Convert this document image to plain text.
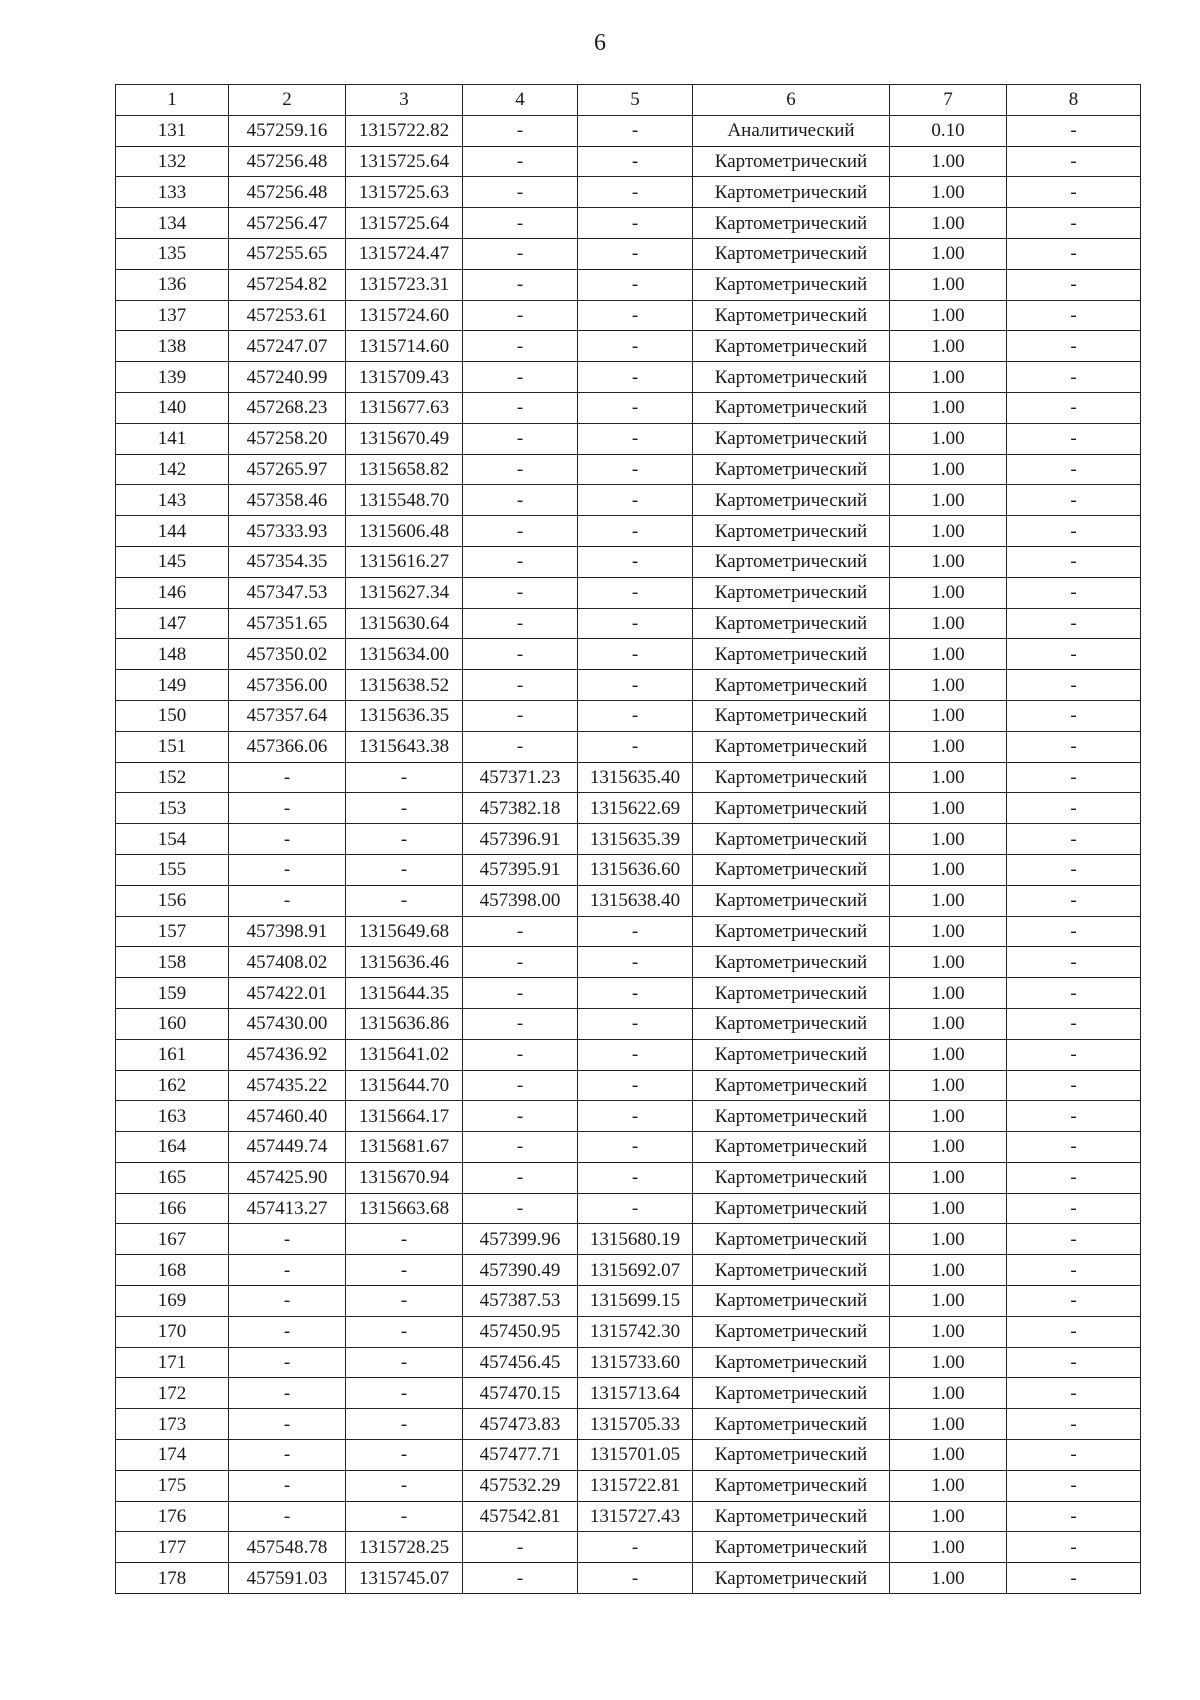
6
1	2	3	4	5	6	7	8
131	457259.16	1315722.82	-	-	Аналитический	0.10	-
132	457256.48	1315725.64	-	-	Картометрический	1.00	-
133	457256.48	1315725.63	-	-	Картометрический	1.00	-
134	457256.47	1315725.64	-	-	Картометрический	1.00	-
135	457255.65	1315724.47	-	-	Картометрический	1.00	-
136	457254.82	1315723.31	-	-	Картометрический	1.00	-
137	457253.61	1315724.60	-	-	Картометрический	1.00	-
138	457247.07	1315714.60	-	-	Картометрический	1.00	-
139	457240.99	1315709.43	-	-	Картометрический	1.00	-
140	457268.23	1315677.63	-	-	Картометрический	1.00	-
141	457258.20	1315670.49	-	-	Картометрический	1.00	-
142	457265.97	1315658.82	-	-	Картометрический	1.00	-
143	457358.46	1315548.70	-	-	Картометрический	1.00	-
144	457333.93	1315606.48	-	-	Картометрический	1.00	-
145	457354.35	1315616.27	-	-	Картометрический	1.00	-
146	457347.53	1315627.34	-	-	Картометрический	1.00	-
147	457351.65	1315630.64	-	-	Картометрический	1.00	-
148	457350.02	1315634.00	-	-	Картометрический	1.00	-
149	457356.00	1315638.52	-	-	Картометрический	1.00	-
150	457357.64	1315636.35	-	-	Картометрический	1.00	-
151	457366.06	1315643.38	-	-	Картометрический	1.00	-
152	-	-	457371.23	1315635.40	Картометрический	1.00	-
153	-	-	457382.18	1315622.69	Картометрический	1.00	-
154	-	-	457396.91	1315635.39	Картометрический	1.00	-
155	-	-	457395.91	1315636.60	Картометрический	1.00	-
156	-	-	457398.00	1315638.40	Картометрический	1.00	-
157	457398.91	1315649.68	-	-	Картометрический	1.00	-
158	457408.02	1315636.46	-	-	Картометрический	1.00	-
159	457422.01	1315644.35	-	-	Картометрический	1.00	-
160	457430.00	1315636.86	-	-	Картометрический	1.00	-
161	457436.92	1315641.02	-	-	Картометрический	1.00	-
162	457435.22	1315644.70	-	-	Картометрический	1.00	-
163	457460.40	1315664.17	-	-	Картометрический	1.00	-
164	457449.74	1315681.67	-	-	Картометрический	1.00	-
165	457425.90	1315670.94	-	-	Картометрический	1.00	-
166	457413.27	1315663.68	-	-	Картометрический	1.00	-
167	-	-	457399.96	1315680.19	Картометрический	1.00	-
168	-	-	457390.49	1315692.07	Картометрический	1.00	-
169	-	-	457387.53	1315699.15	Картометрический	1.00	-
170	-	-	457450.95	1315742.30	Картометрический	1.00	-
171	-	-	457456.45	1315733.60	Картометрический	1.00	-
172	-	-	457470.15	1315713.64	Картометрический	1.00	-
173	-	-	457473.83	1315705.33	Картометрический	1.00	-
174	-	-	457477.71	1315701.05	Картометрический	1.00	-
175	-	-	457532.29	1315722.81	Картометрический	1.00	-
176	-	-	457542.81	1315727.43	Картометрический	1.00	-
177	457548.78	1315728.25	-	-	Картометрический	1.00	-
178	457591.03	1315745.07	-	-	Картометрический	1.00	-
